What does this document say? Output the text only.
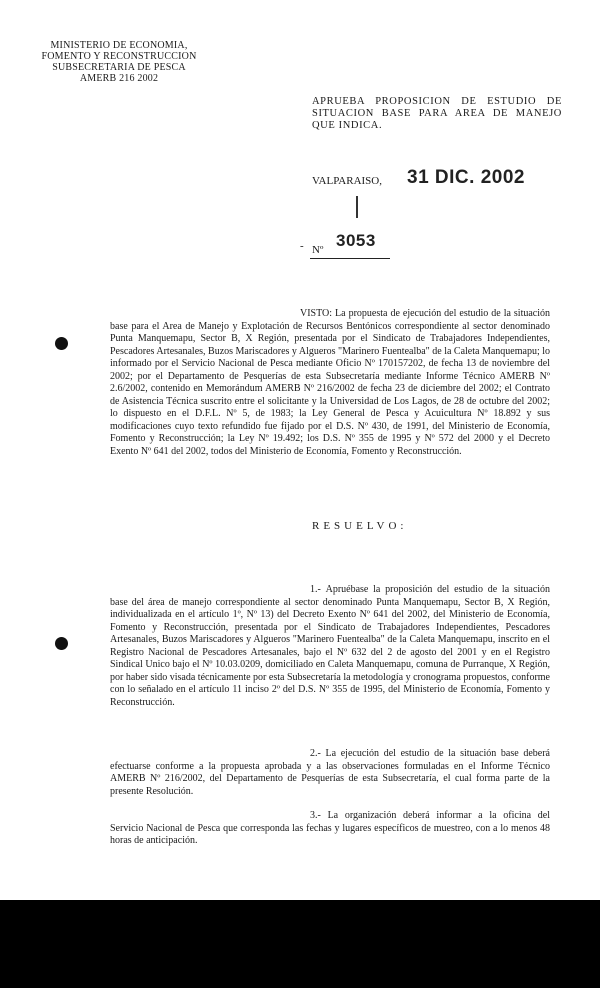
MINISTERIO DE ECONOMIA,
FOMENTO Y RECONSTRUCCION
SUBSECRETARIA DE PESCA
AMERB 216 2002
APRUEBA PROPOSICION DE ESTUDIO DE SITUACION BASE PARA AREA DE MANEJO QUE INDICA.
VALPARAISO, 31 DIC. 2002
- Nº 3053
VISTO: La propuesta de ejecución del estudio de la situación base para el Area de Manejo y Explotación de Recursos Bentónicos correspondiente al sector denominado Punta Manquemapu, Sector B, X Región, presentada por el Sindicato de Trabajadores Independientes, Pescadores Artesanales, Buzos Mariscadores y Algueros "Marinero Fuentealba" de la Caleta Manquemapu; lo informado por el Servicio Nacional de Pesca mediante Oficio Nº 170157202, de fecha 13 de noviembre del 2002; por el Departamento de Pesquerías de esta Subsecretaría mediante Informe Técnico AMERB Nº 2.6/2002, contenido en Memorándum AMERB Nº 216/2002 de fecha 23 de diciembre del 2002; el Contrato de Asistencia Técnica suscrito entre el solicitante y la Universidad de Los Lagos, de 28 de octubre del 2002; lo dispuesto en el D.F.L. Nº 5, de 1983; la Ley General de Pesca y Acuicultura Nº 18.892 y sus modificaciones cuyo texto refundido fue fijado por el D.S. Nº 430, de 1991, del Ministerio de Economía, Fomento y Reconstrucción; la Ley Nº 19.492; los D.S. Nº 355 de 1995 y Nº 572 del 2000 y el Decreto Exento Nº 641 del 2002, todos del Ministerio de Economía, Fomento y Reconstrucción.
RESUELVO:
1.- Apruébase la proposición del estudio de la situación base del área de manejo correspondiente al sector denominado Punta Manquemapu, Sector B, X Región, individualizada en el artículo 1º, Nº 13) del Decreto Exento Nº 641 del 2002, del Ministerio de Economía, Fomento y Reconstrucción, presentada por el Sindicato de Trabajadores Independientes, Pescadores Artesanales, Buzos Mariscadores y Algueros "Marinero Fuentealba" de la Caleta Manquemapu, inscrito en el Registro Nacional de Pescadores Artesanales, bajo el Nº 632 del 2 de agosto del 2001 y en el Registro Sindical Unico bajo el Nº 10.03.0209, domiciliado en Caleta Manquemapu, comuna de Purranque, X Región, por haber sido visada técnicamente por esta Subsecretaría la metodología y cronograma propuestos, conforme con lo señalado en el artículo 11 inciso 2º del D.S. Nº 355 de 1995, del Ministerio de Economía, Fomento y Reconstrucción.
2.- La ejecución del estudio de la situación base deberá efectuarse conforme a la propuesta aprobada y a las observaciones formuladas en el Informe Técnico AMERB Nº 216/2002, del Departamento de Pesquerías de esta Subsecretaría, el cual forma parte de la presente Resolución.
3.- La organización deberá informar a la oficina del Servicio Nacional de Pesca que corresponda las fechas y lugares específicos de muestreo, con a lo menos 48 horas de anticipación.
